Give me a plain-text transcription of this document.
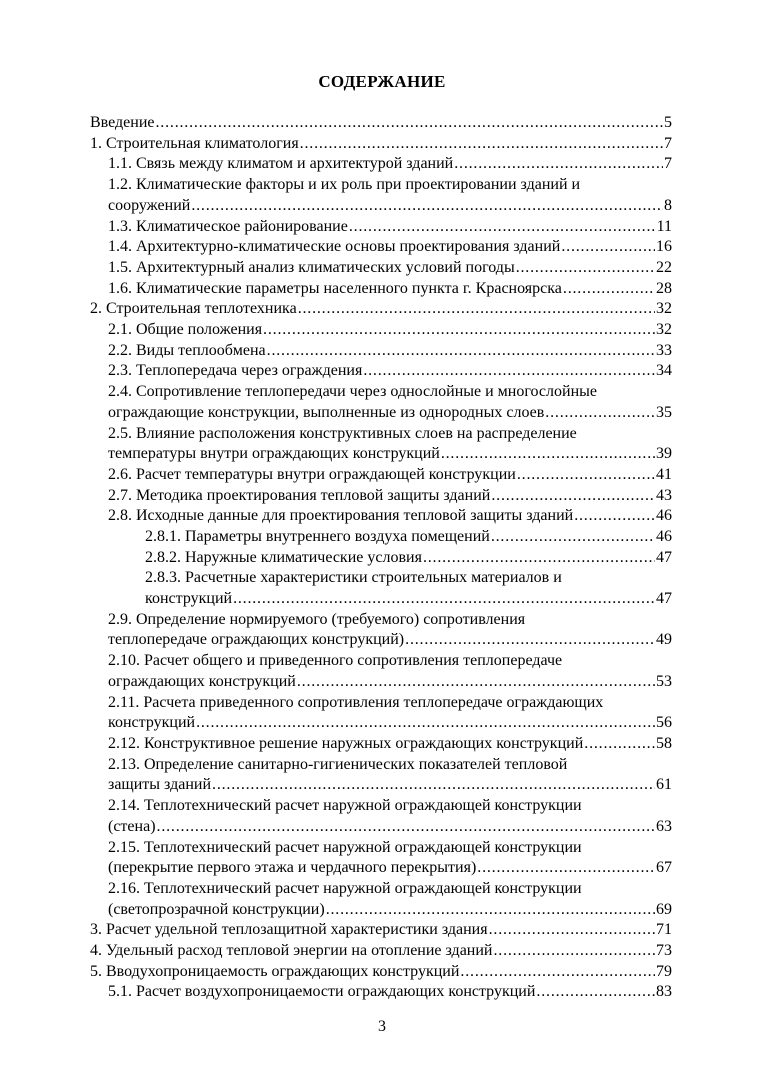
СОДЕРЖАНИЕ
Введение .....	5
1. Строительная климатология .....	7
1.1. Связь между климатом и архитектурой зданий .....	7
1.2. Климатические факторы и их роль при проектировании зданий и
сооружений .....	8
1.3. Климатическое районирование .....	11
1.4. Архитектурно-климатические основы проектирования зданий .....	16
1.5. Архитектурный анализ климатических условий погоды .....	22
1.6. Климатические параметры населенного пункта г. Красноярска .....	28
2. Строительная теплотехника .....	32
2.1. Общие положения .....	32
2.2. Виды теплообмена .....	33
2.3. Теплопередача через ограждения .....	34
2.4. Сопротивление теплопередачи через однослойные и многослойные
ограждающие конструкции, выполненные из однородных слоев .....	35
2.5. Влияние расположения конструктивных слоев на распределение
температуры внутри ограждающих конструкций .....	39
2.6. Расчет температуры внутри ограждающей конструкции .....	41
2.7. Методика проектирования тепловой защиты зданий .....	43
2.8. Исходные данные для проектирования тепловой защиты зданий .....	46
2.8.1. Параметры внутреннего воздуха помещений .....	46
2.8.2. Наружные климатические условия .....	47
2.8.3. Расчетные характеристики строительных материалов и
конструкций .....	47
2.9. Определение нормируемого (требуемого) сопротивления
теплопередаче ограждающих конструкций) .....	49
2.10. Расчет общего и приведенного сопротивления теплопередаче
ограждающих конструкций .....	53
2.11. Расчета приведенного сопротивления теплопередаче ограждающих
конструкций .....	56
2.12. Конструктивное решение наружных ограждающих конструкций .....	58
2.13. Определение санитарно-гигиенических показателей тепловой
защиты зданий .....	61
2.14. Теплотехнический расчет наружной ограждающей конструкции
(стена) .....	63
2.15. Теплотехнический расчет наружной ограждающей конструкции
(перекрытие первого этажа и чердачного перекрытия) .....	67
2.16. Теплотехнический расчет наружной ограждающей конструкции
(светопрозрачной конструкции) .....	69
3. Расчет удельной теплозащитной характеристики здания .....	71
4. Удельный расход тепловой энергии на отопление зданий .....	73
5. Вводухопроницаемость ограждающих конструкций .....	79
5.1. Расчет воздухопроницаемости ограждающих конструкций .....	83
3
